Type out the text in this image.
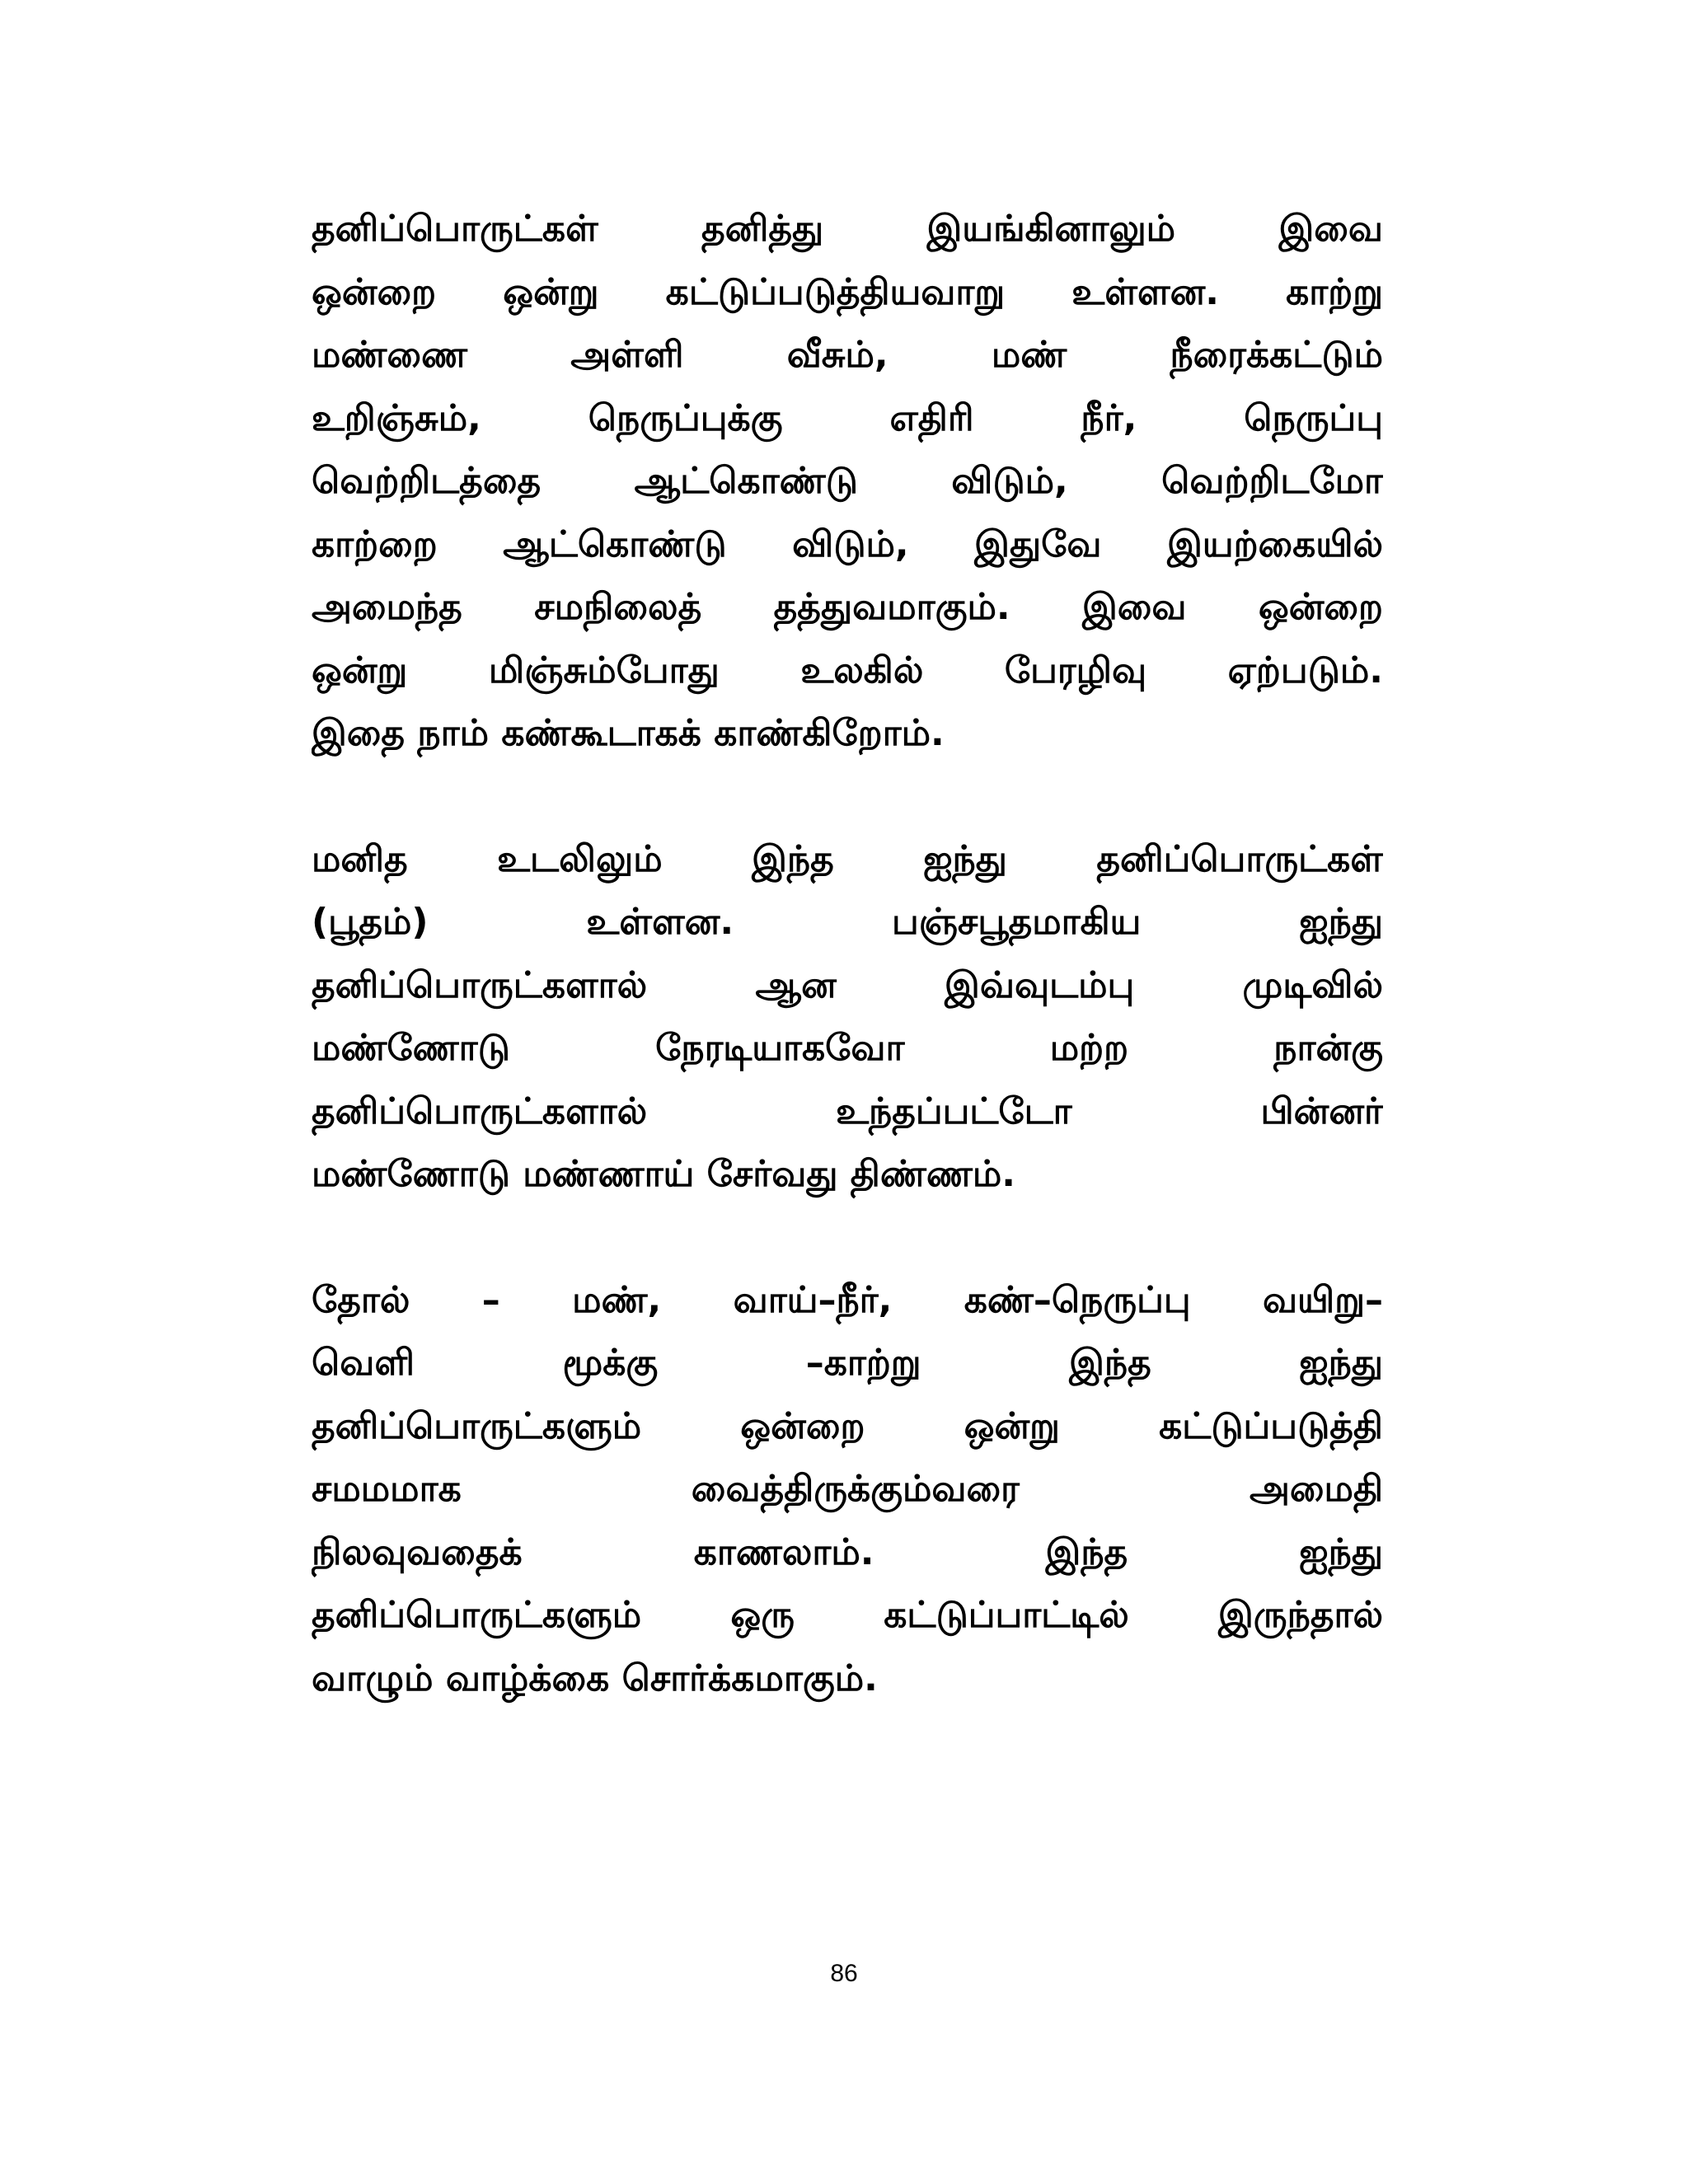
தனிப்பொருட்கள் தனித்து இயங்கினாலும் இவை
ஒன்றை ஒன்று கட்டுப்படுத்தியவாறு உள்ளன. காற்று
மண்ணை அள்ளி வீசும், மண் நீரைக்கட்டும்
உறிஞ்சும், நெருப்புக்கு எதிரி நீர், நெருப்பு
வெற்றிடத்தை ஆட்கொண்டு விடும், வெற்றிடமோ
காற்றை ஆட்கொண்டு விடும், இதுவே இயற்கையில்
அமைந்த சமநிலைத் தத்துவமாகும். இவை ஒன்றை
ஒன்று மிஞ்சும்போது உலகில் பேரழிவு ஏற்படும்.
இதை நாம் கண்கூடாகக் காண்கிறோம்.
மனித உடலிலும் இந்த ஐந்து தனிப்பொருட்கள்
(பூதம்) உள்ளன. பஞ்சபூதமாகிய ஐந்து
தனிப்பொருட்களால் ஆன இவ்வுடம்பு முடிவில்
மண்ணோடு நேரடியாகவோ மற்ற நான்கு
தனிப்பொருட்களால் உந்தப்பட்டோ பின்னர்
மண்ணோடு மண்ணாய் சேர்வது திண்ணம்.
தோல் – மண், வாய்–நீர், கண்–நெருப்பு வயிறு–
வெளி மூக்கு –காற்று இந்த ஐந்து
தனிப்பொருட்களும் ஒன்றை ஒன்று கட்டுப்படுத்தி
சமமமாக வைத்திருக்கும்வரை அமைதி
நிலவுவதைக் காணலாம். இந்த ஐந்து
தனிப்பொருட்களும் ஒரு கட்டுப்பாட்டில் இருந்தால்
வாழும் வாழ்க்கை சொர்க்கமாகும்.
86
